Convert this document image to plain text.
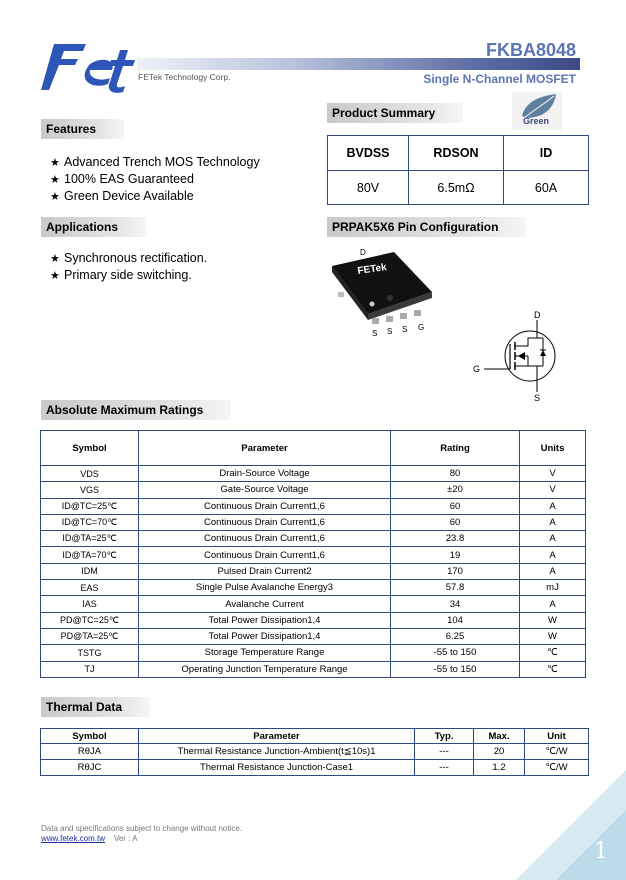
FKBA8048
FETek Technology Corp.	Single N-Channel MOSFET
Features
★ Advanced Trench MOS Technology
★ 100% EAS Guaranteed
★ Green Device Available
Applications
★ Synchronous rectification.
★ Primary side switching.
Product Summary
Green
BVDSS	RDSON	ID
80V	6.5mΩ	60A
PRPAK5X6 Pin Configuration
FETek
D
S S S G
D
G
S
Absolute Maximum Ratings
Symbol	Parameter	Rating	Units
VDS	Drain-Source Voltage	80	V
VGS	Gate-Source Voltage	±20	V
ID@TC=25℃	Continuous Drain Current1,6	60	A
ID@TC=70℃	Continuous Drain Current1,6	60	A
ID@TA=25℃	Continuous Drain Current1,6	23.8	A
ID@TA=70℃	Continuous Drain Current1,6	19	A
IDM	Pulsed Drain Current2	170	A
EAS	Single Pulse Avalanche Energy3	57.8	mJ
IAS	Avalanche Current	34	A
PD@TC=25℃	Total Power Dissipation1,4	104	W
PD@TA=25℃	Total Power Dissipation1,4	6.25	W
TSTG	Storage Temperature Range	-55 to 150	℃
TJ	Operating Junction Temperature Range	-55 to 150	℃
Thermal Data
Symbol	Parameter	Typ.	Max.	Unit
RθJA	Thermal Resistance Junction-Ambient(t≦10s)1	---	20	℃/W
RθJC	Thermal Resistance Junction-Case1	---	1.2	℃/W
Data and specifications subject to change without notice.
www.fetek.com.tw Ver : A
1
